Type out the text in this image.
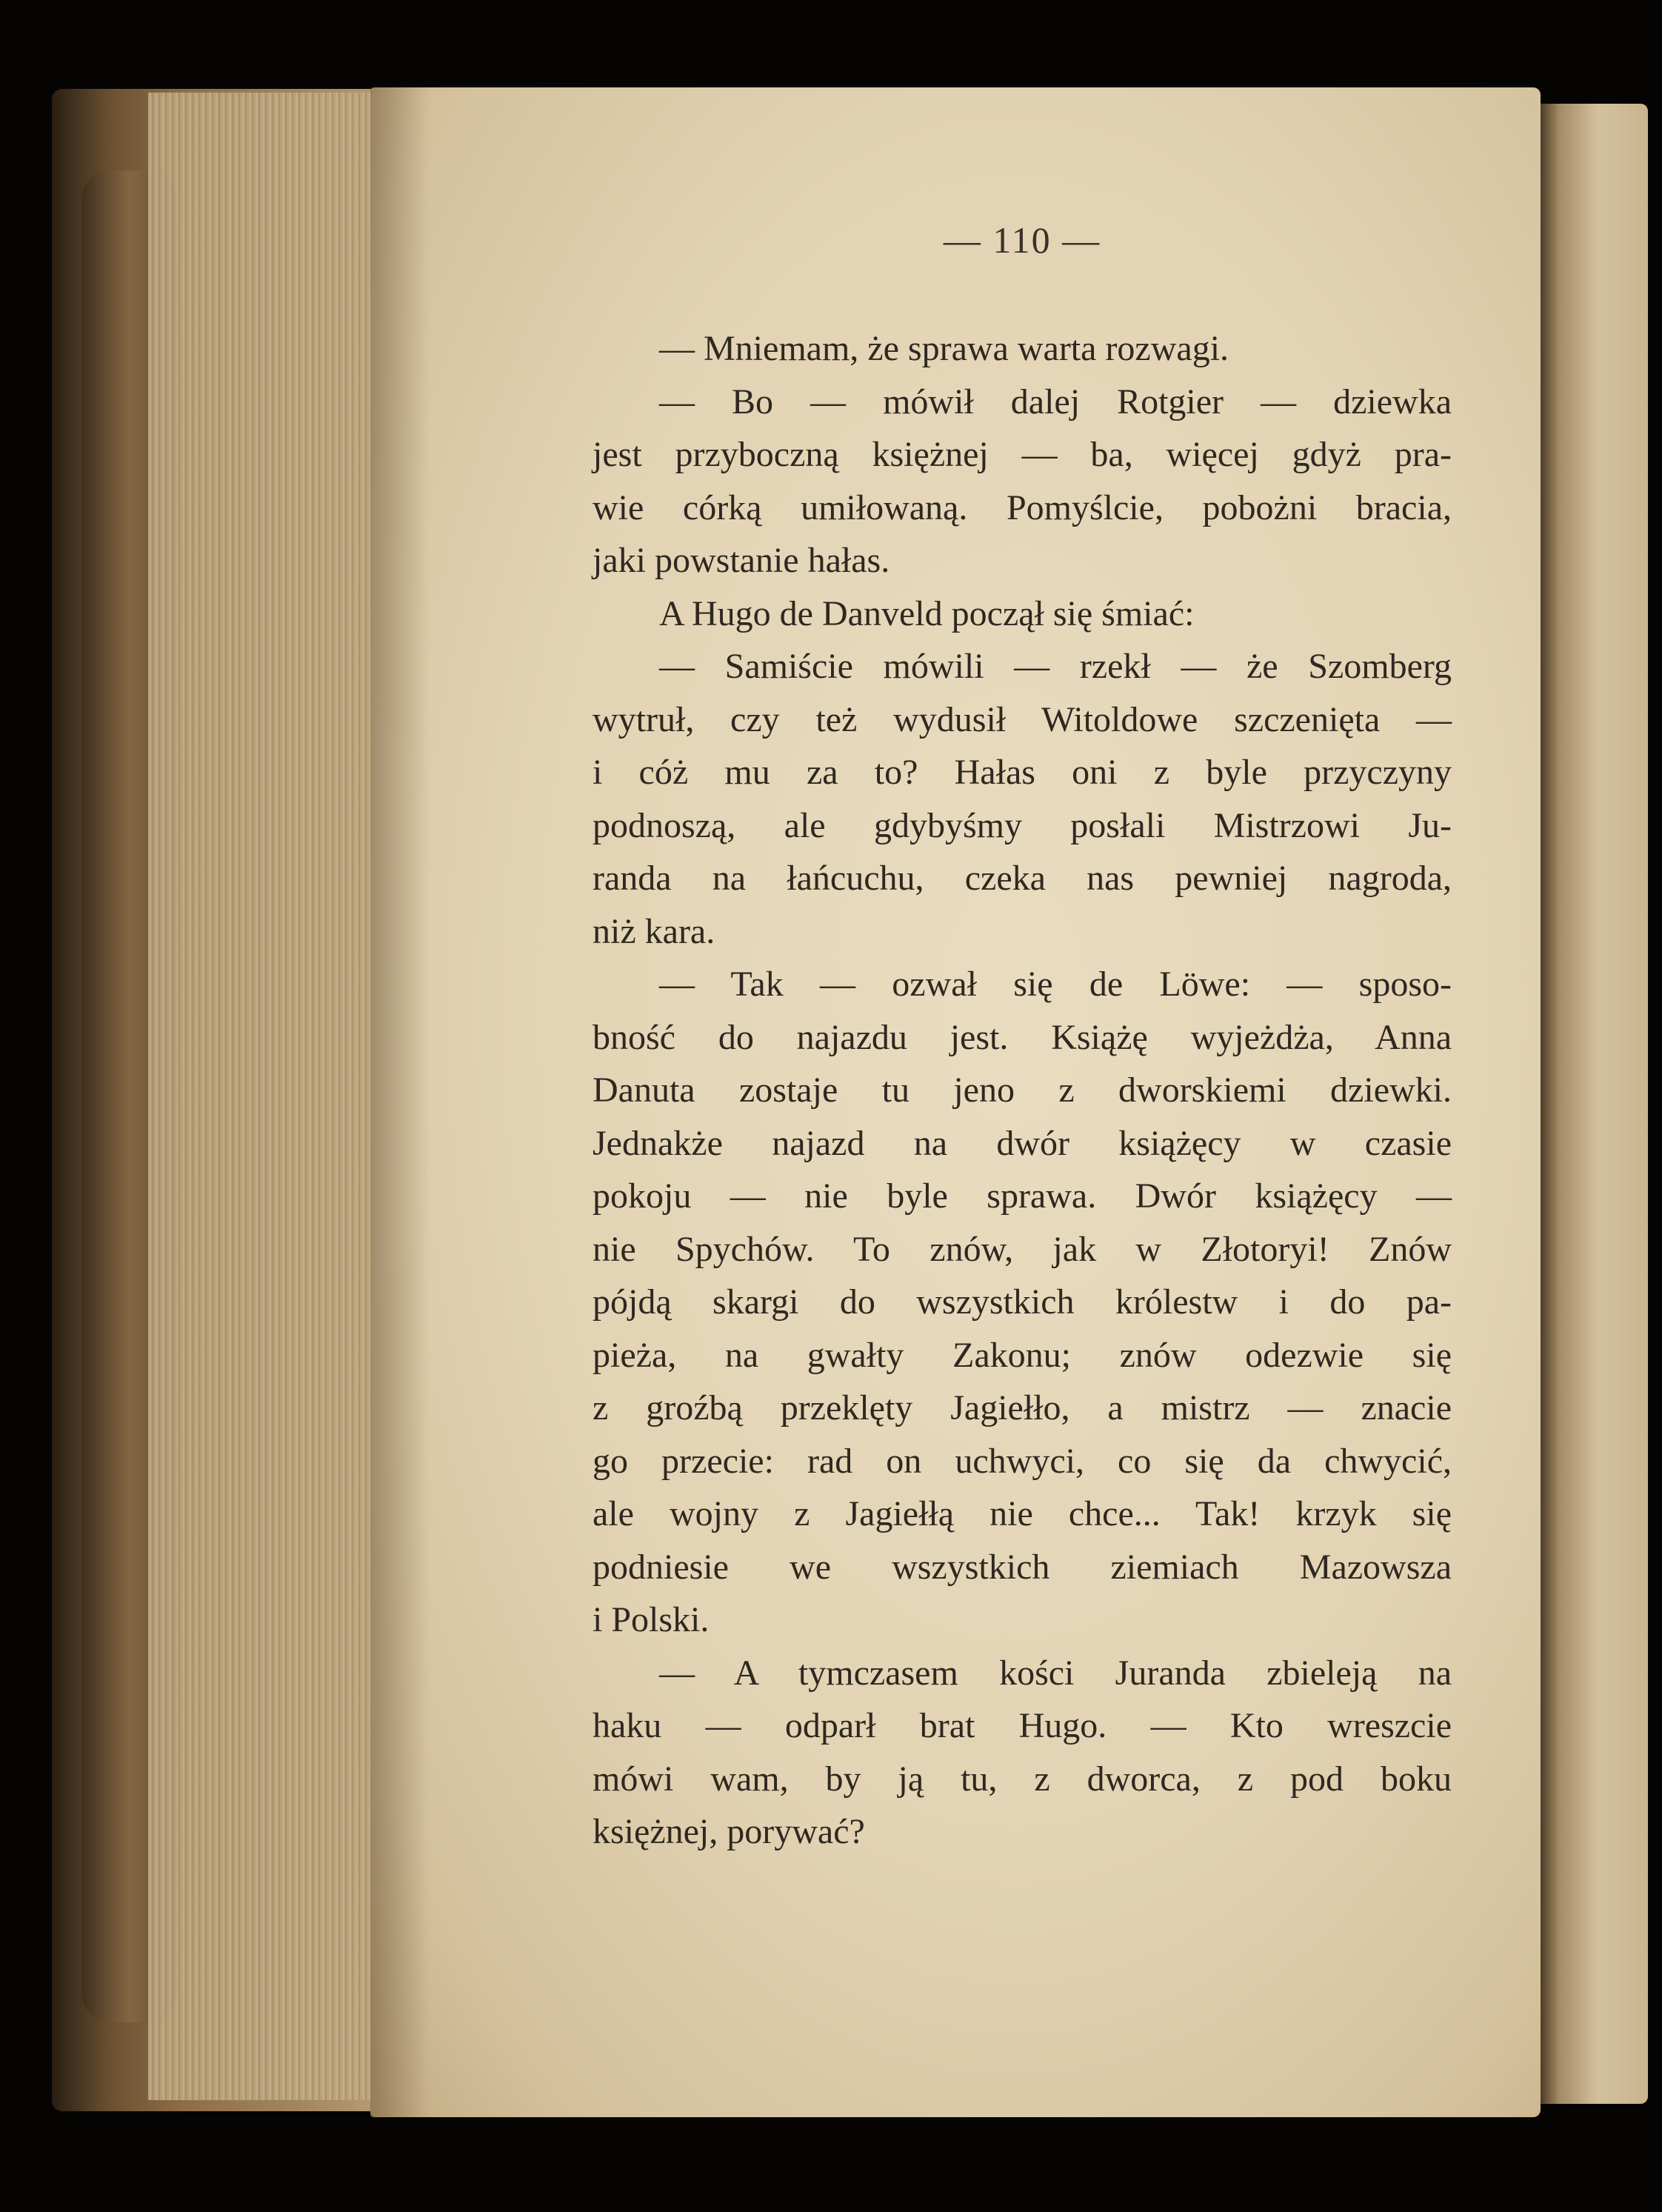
— 110 —
— Mniemam, że sprawa warta rozwagi.
— Bo — mówił dalej Rotgier — dziewka
jest przyboczną księżnej — ba, więcej gdyż pra-
wie córką umiłowaną. Pomyślcie, pobożni bracia,
jaki powstanie hałas.
A Hugo de Danveld począł się śmiać:
— Samiście mówili — rzekł — że Szomberg
wytruł, czy też wydusił Witoldowe szczenięta —
i cóż mu za to? Hałas oni z byle przyczyny
podnoszą, ale gdybyśmy posłali Mistrzowi Ju-
randa na łańcuchu, czeka nas pewniej nagroda,
niż kara.
— Tak — ozwał się de Löwe: — sposo-
bność do najazdu jest. Książę wyjeżdża, Anna
Danuta zostaje tu jeno z dworskiemi dziewki.
Jednakże najazd na dwór książęcy w czasie
pokoju — nie byle sprawa. Dwór książęcy —
nie Spychów. To znów, jak w Złotoryi! Znów
pójdą skargi do wszystkich królestw i do pa-
pieża, na gwałty Zakonu; znów odezwie się
z groźbą przeklęty Jagiełło, a mistrz — znacie
go przecie: rad on uchwyci, co się da chwycić,
ale wojny z Jagiełłą nie chce... Tak! krzyk się
podniesie we wszystkich ziemiach Mazowsza
i Polski.
— A tymczasem kości Juranda zbieleją na
haku — odparł brat Hugo. — Kto wreszcie
mówi wam, by ją tu, z dworca, z pod boku
księżnej, porywać?
